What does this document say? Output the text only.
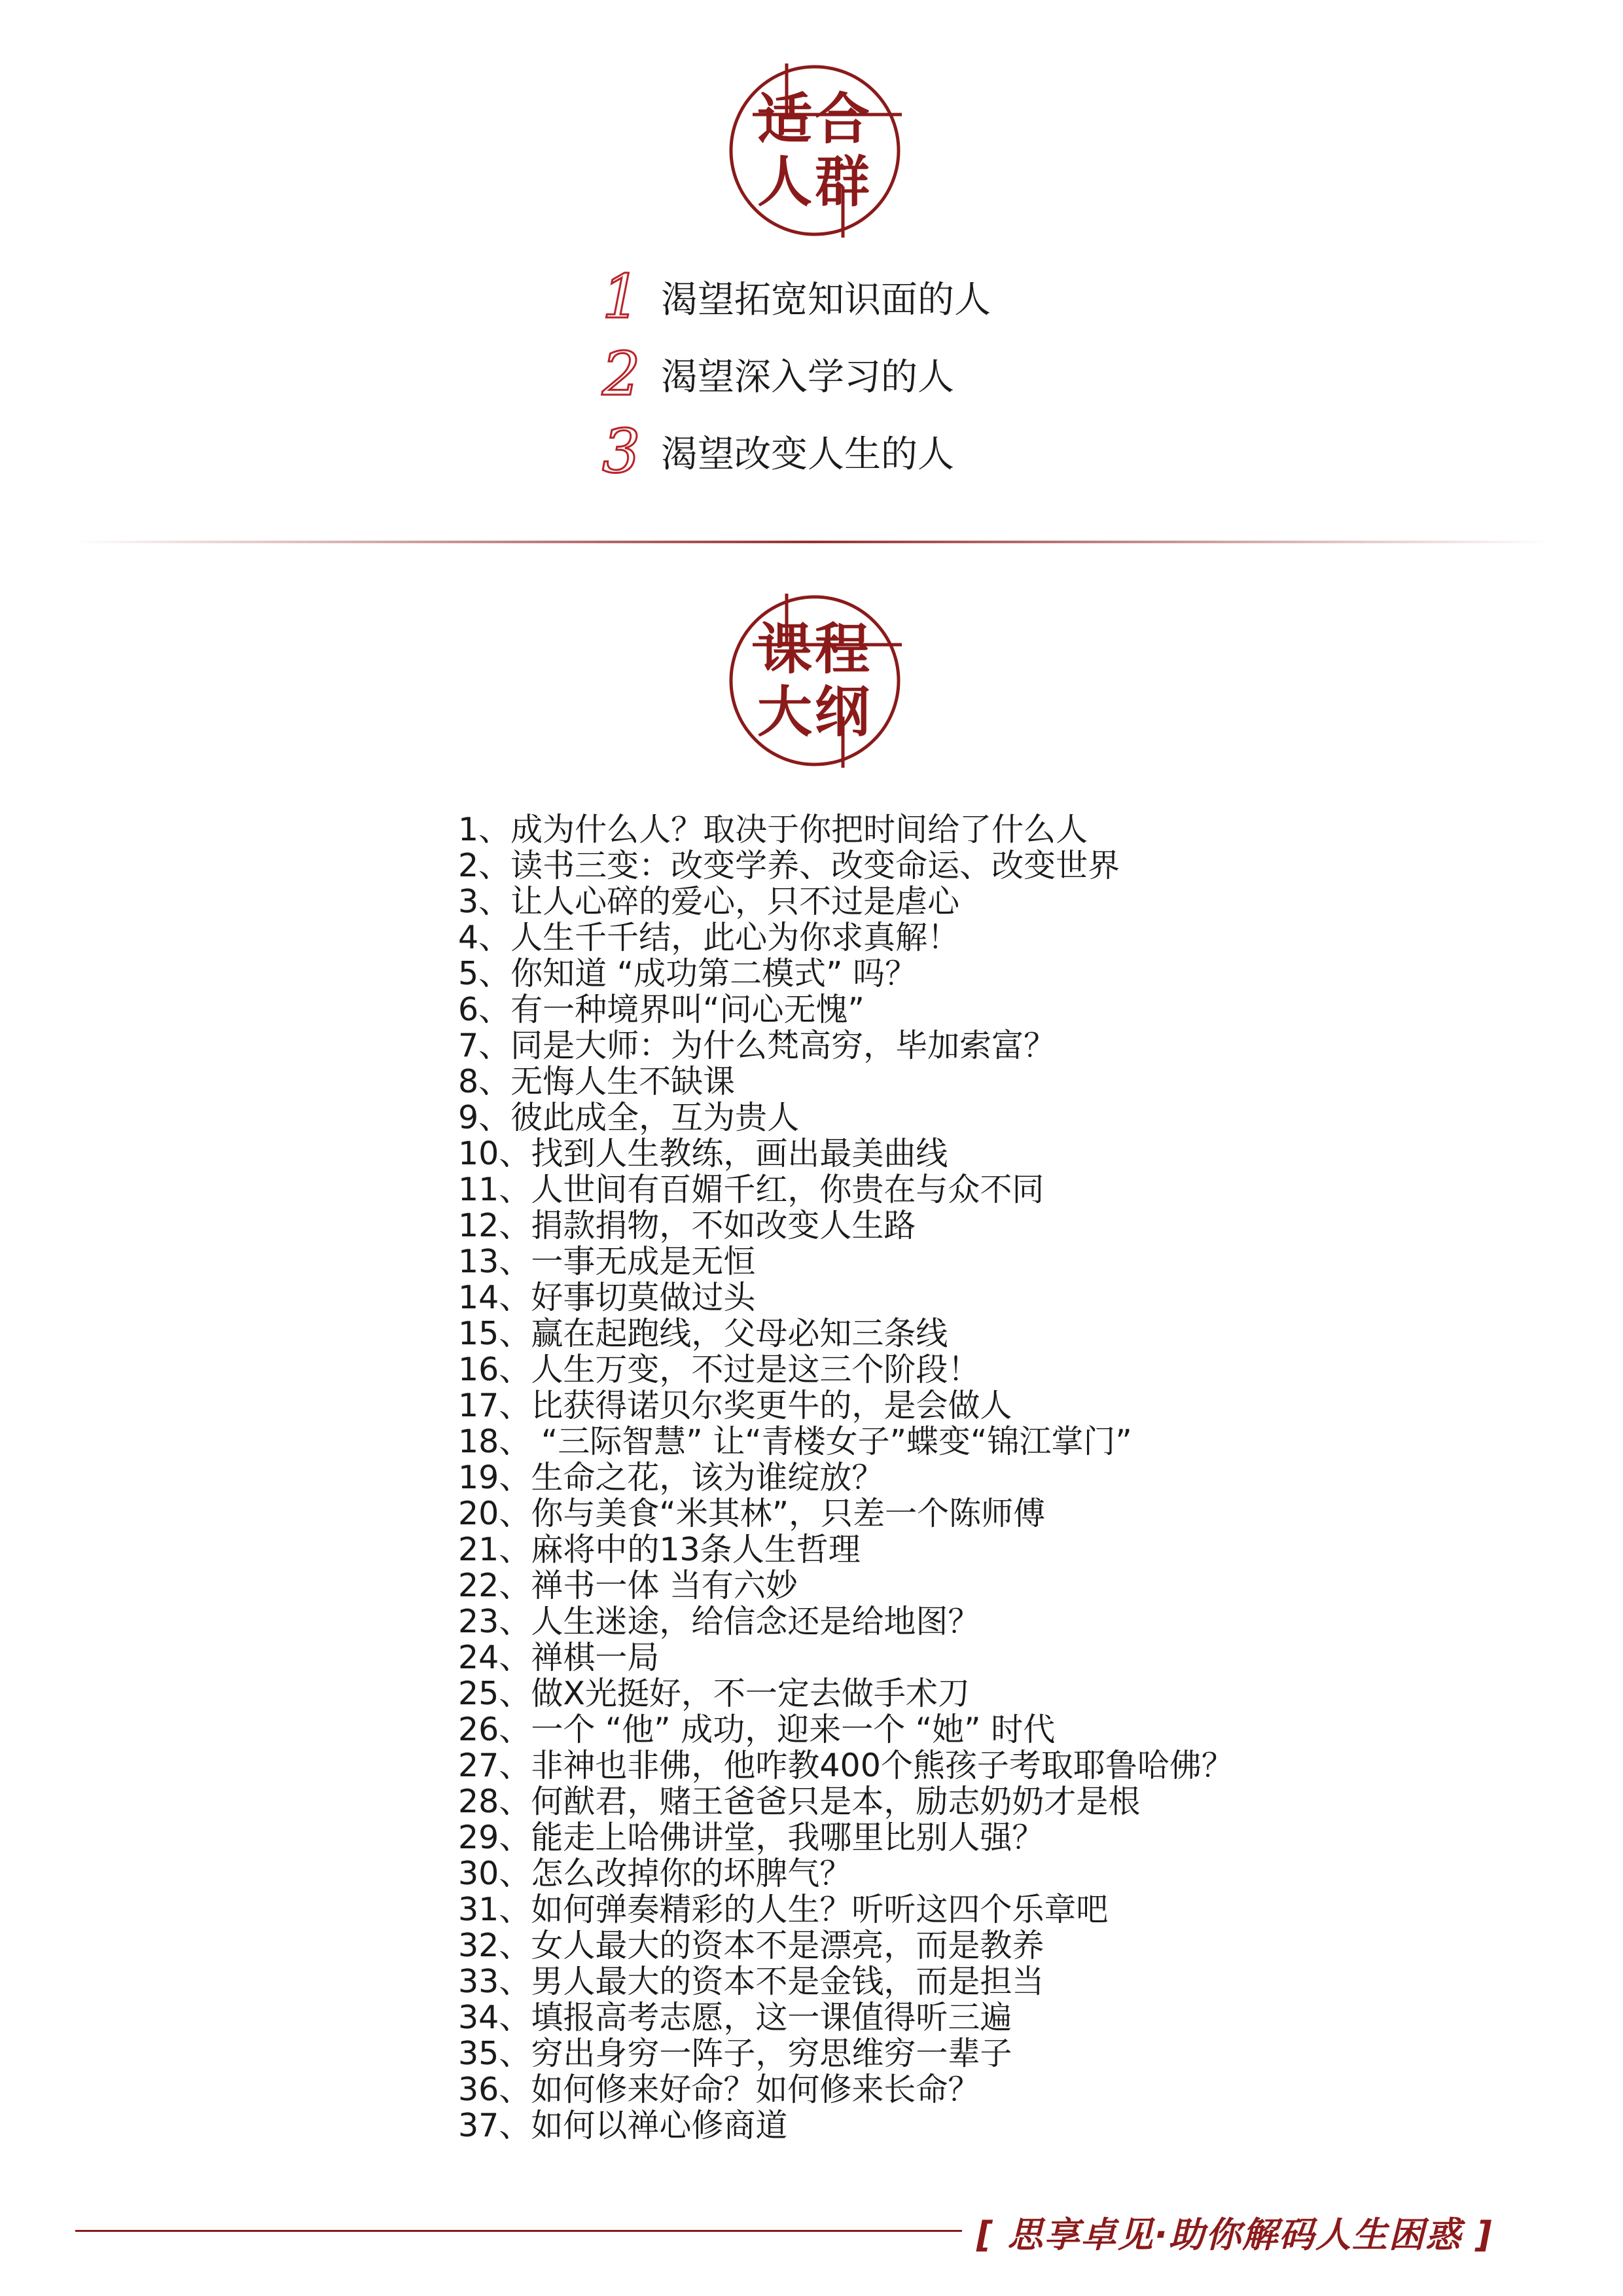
适合
人群
1 渴望拓宽知识面的人
2 渴望深入学习的人
3 渴望改变人生的人
课程
大纲
1、成为什么人？取决于你把时间给了什么人
2、读书三变：改变学养、改变命运、改变世界
3、让人心碎的爱心，只不过是虐心
4、人生千千结，此心为你求真解！
5、你知道 “成功第二模式” 吗？
6、有一种境界叫“问心无愧”
7、同是大师：为什么梵高穷，毕加索富？
8、无悔人生不缺课
9、彼此成全，互为贵人
10、找到人生教练，画出最美曲线
11、人世间有百媚千红，你贵在与众不同
12、捐款捐物，不如改变人生路
13、一事无成是无恒
14、好事切莫做过头
15、赢在起跑线，父母必知三条线
16、人生万变，不过是这三个阶段！
17、比获得诺贝尔奖更牛的，是会做人
18、 “三际智慧” 让“青楼女子”蝶变“锦江掌门”
19、生命之花，该为谁绽放？
20、你与美食“米其林”，只差一个陈师傅
21、麻将中的13条人生哲理
22、禅书一体 当有六妙
23、人生迷途，给信念还是给地图？
24、禅棋一局
25、做X光挺好，不一定去做手术刀
26、一个 “他” 成功，迎来一个 “她” 时代
27、非神也非佛，他咋教400个熊孩子考取耶鲁哈佛？
28、何猷君，赌王爸爸只是本，励志奶奶才是根
29、能走上哈佛讲堂，我哪里比别人强？
30、怎么改掉你的坏脾气？
31、如何弹奏精彩的人生？听听这四个乐章吧
32、女人最大的资本不是漂亮，而是教养
33、男人最大的资本不是金钱，而是担当
34、填报高考志愿，这一课值得听三遍
35、穷出身穷一阵子，穷思维穷一辈子
36、如何修来好命？如何修来长命？
37、如何以禅心修商道
[ 思享卓见·助你解码人生困惑 ]
